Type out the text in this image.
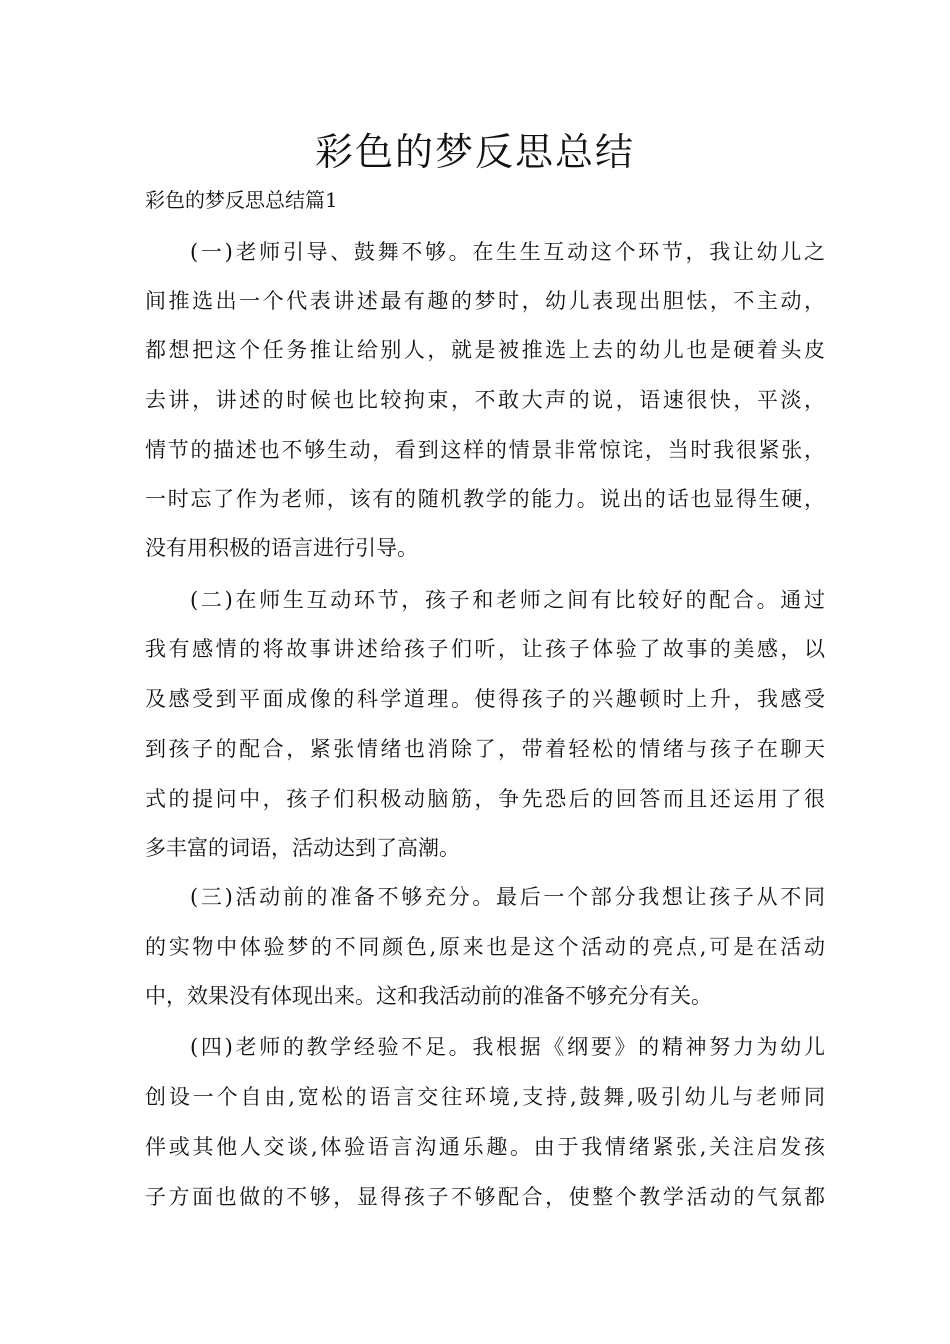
彩色的梦反思总结

彩色的梦反思总结篇1

(一)老师引导、鼓舞不够。在生生互动这个环节，我让幼儿之

间推选出一个代表讲述最有趣的梦时，幼儿表现出胆怯，不主动，

都想把这个任务推让给别人，就是被推选上去的幼儿也是硬着头皮

去讲，讲述的时候也比较拘束，不敢大声的说，语速很快，平淡，

情节的描述也不够生动，看到这样的情景非常惊诧，当时我很紧张，

一时忘了作为老师，该有的随机教学的能力。说出的话也显得生硬，

没有用积极的语言进行引导。

(二)在师生互动环节，孩子和老师之间有比较好的配合。通过

我有感情的将故事讲述给孩子们听，让孩子体验了故事的美感，以

及感受到平面成像的科学道理。使得孩子的兴趣顿时上升，我感受

到孩子的配合，紧张情绪也消除了，带着轻松的情绪与孩子在聊天

式的提问中，孩子们积极动脑筋，争先恐后的回答而且还运用了很

多丰富的词语，活动达到了高潮。

(三)活动前的准备不够充分。最后一个部分我想让孩子从不同

的实物中体验梦的不同颜色,原来也是这个活动的亮点,可是在活动

中，效果没有体现出来。这和我活动前的准备不够充分有关。

(四)老师的教学经验不足。我根据《纲要》的精神努力为幼儿

创设一个自由,宽松的语言交往环境,支持,鼓舞,吸引幼儿与老师同

伴或其他人交谈,体验语言沟通乐趣。由于我情绪紧张,关注启发孩

子方面也做的不够，显得孩子不够配合，使整个教学活动的气氛都
